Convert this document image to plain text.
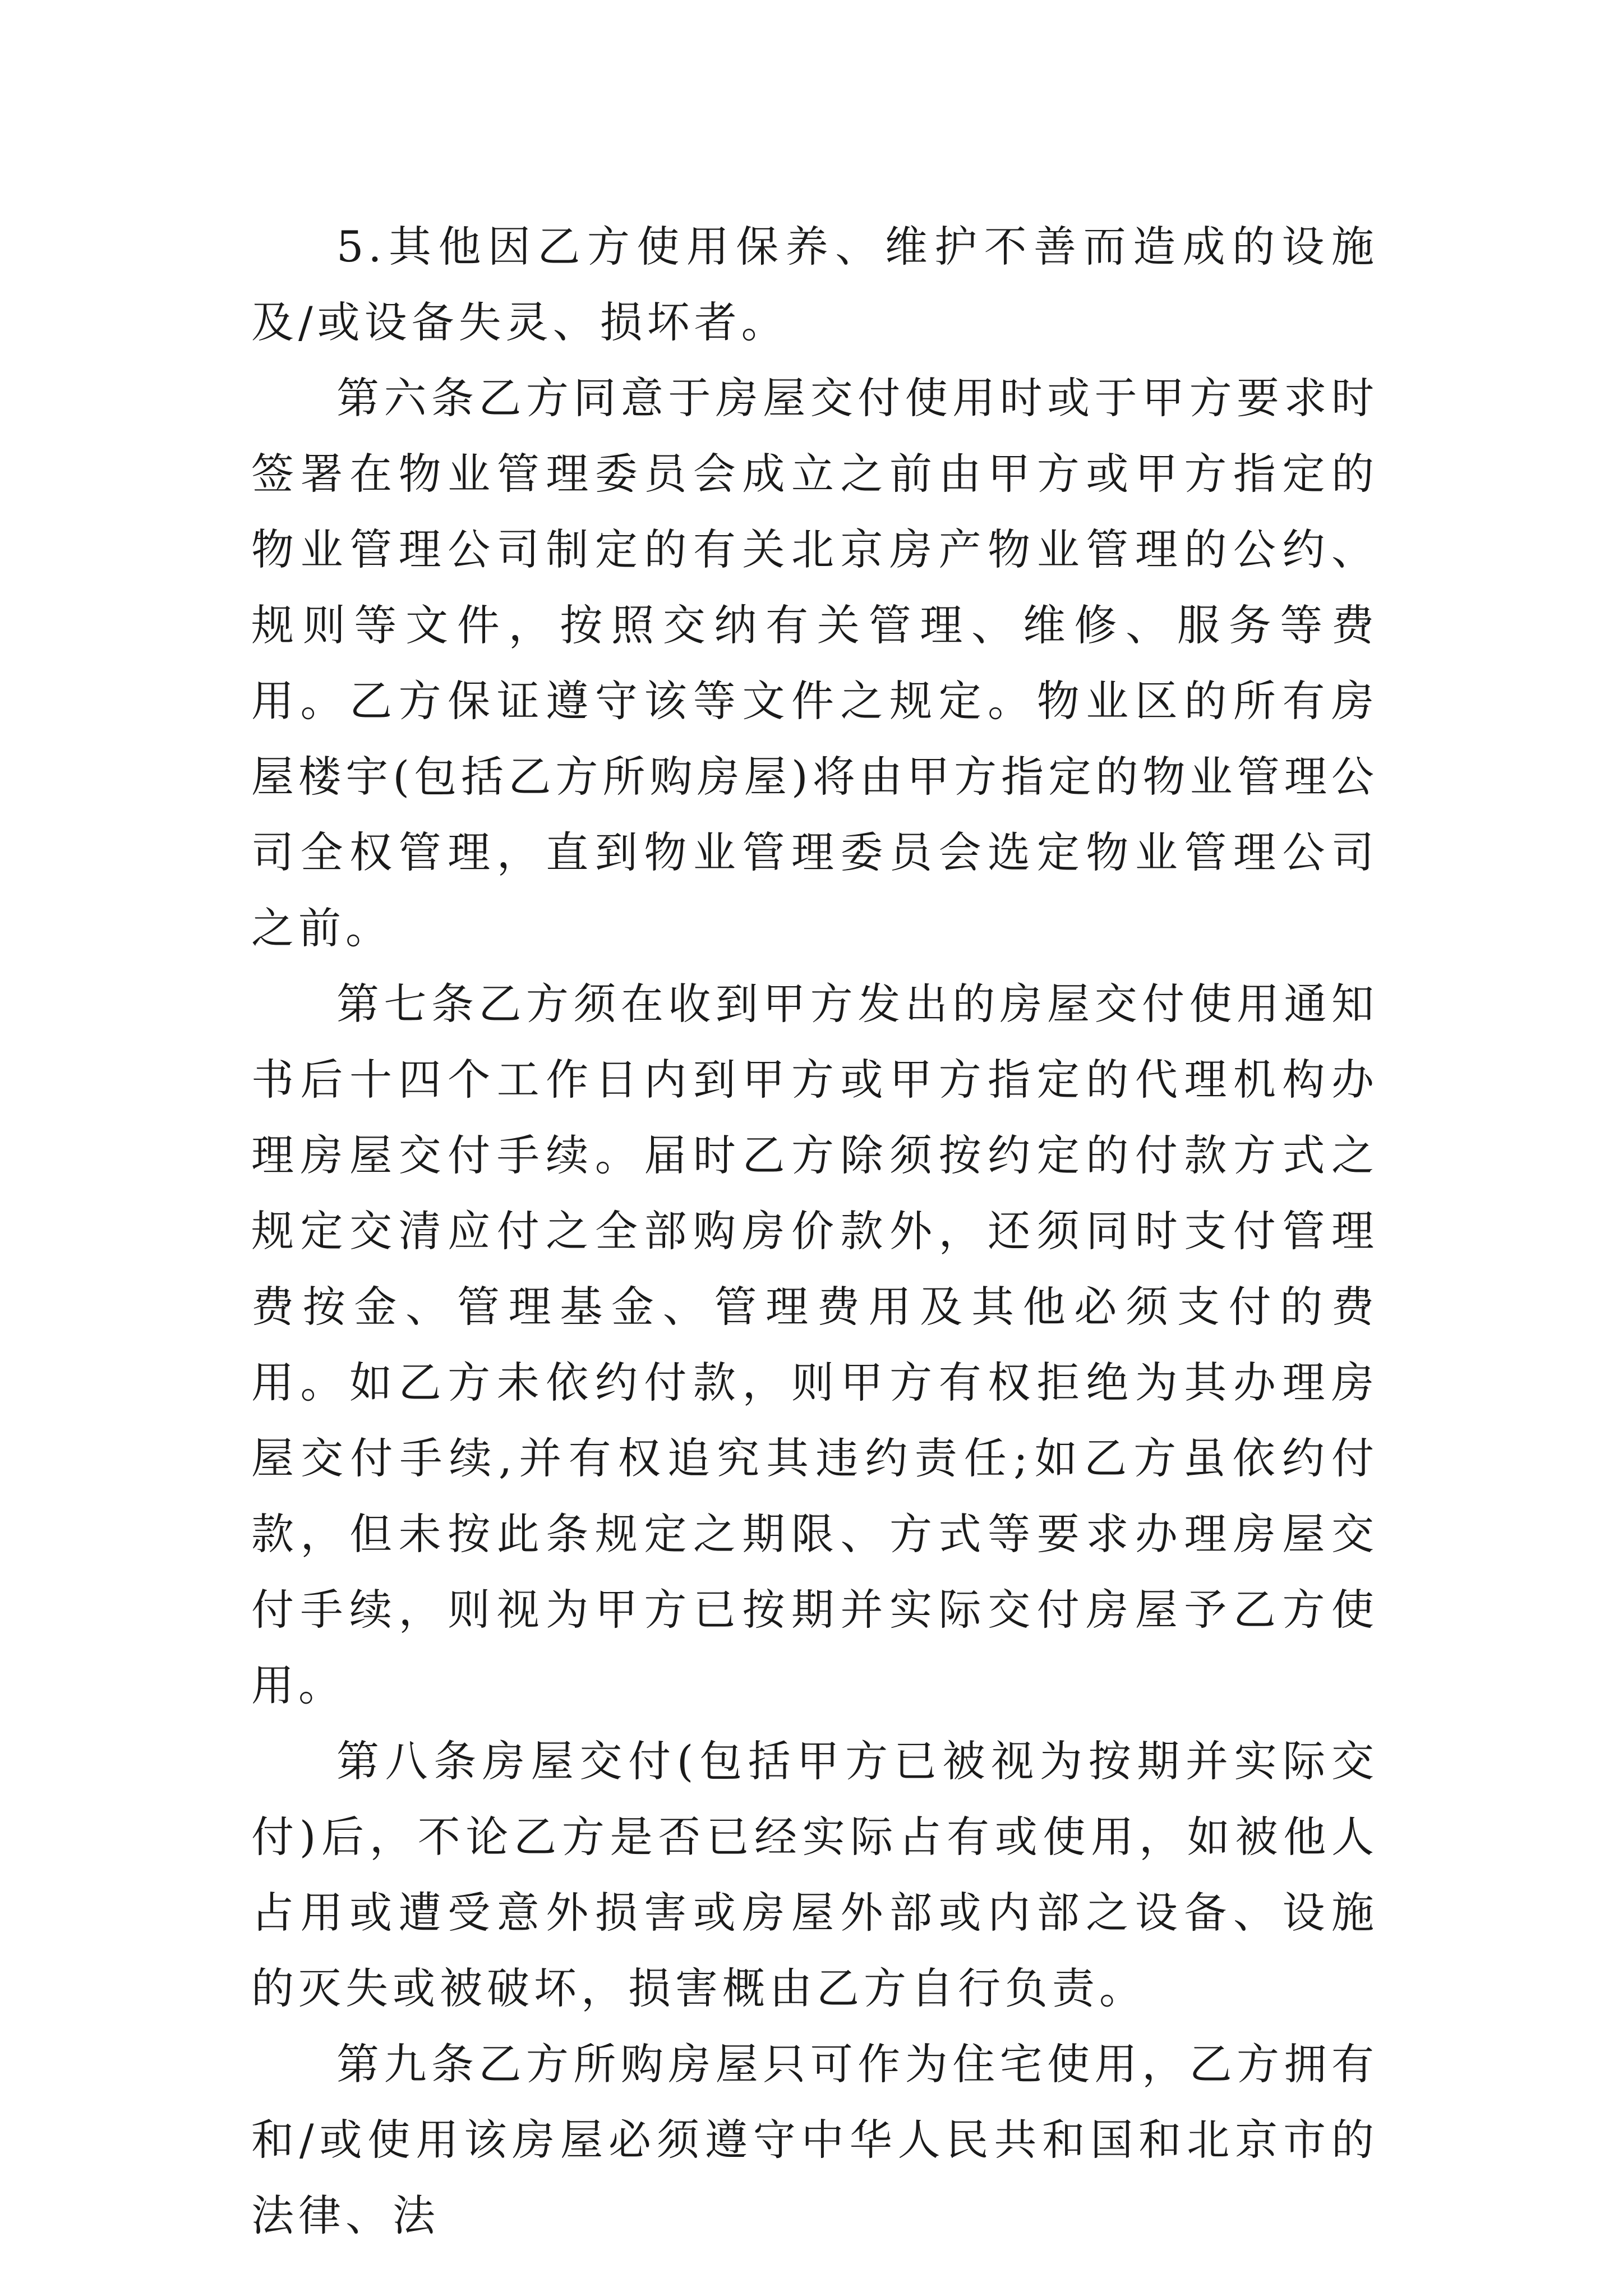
5.其他因乙方使用保养、维护不善而造成的设施及/或设备失灵、损坏者。

第六条乙方同意于房屋交付使用时或于甲方要求时签署在物业管理委员会成立之前由甲方或甲方指定的物业管理公司制定的有关北京房产物业管理的公约、规则等文件，按照交纳有关管理、维修、服务等费用。乙方保证遵守该等文件之规定。物业区的所有房屋楼宇(包括乙方所购房屋)将由甲方指定的物业管理公司全权管理，直到物业管理委员会选定物业管理公司之前。

第七条乙方须在收到甲方发出的房屋交付使用通知书后十四个工作日内到甲方或甲方指定的代理机构办理房屋交付手续。届时乙方除须按约定的付款方式之规定交清应付之全部购房价款外，还须同时支付管理费按金、管理基金、管理费用及其他必须支付的费用。如乙方未依约付款，则甲方有权拒绝为其办理房屋交付手续,并有权追究其违约责任;如乙方虽依约付款，但未按此条规定之期限、方式等要求办理房屋交付手续，则视为甲方已按期并实际交付房屋予乙方使用。

第八条房屋交付(包括甲方已被视为按期并实际交付)后，不论乙方是否已经实际占有或使用，如被他人占用或遭受意外损害或房屋外部或内部之设备、设施的灭失或被破坏，损害概由乙方自行负责。

第九条乙方所购房屋只可作为住宅使用，乙方拥有和/或使用该房屋必须遵守中华人民共和国和北京市的法律、法
